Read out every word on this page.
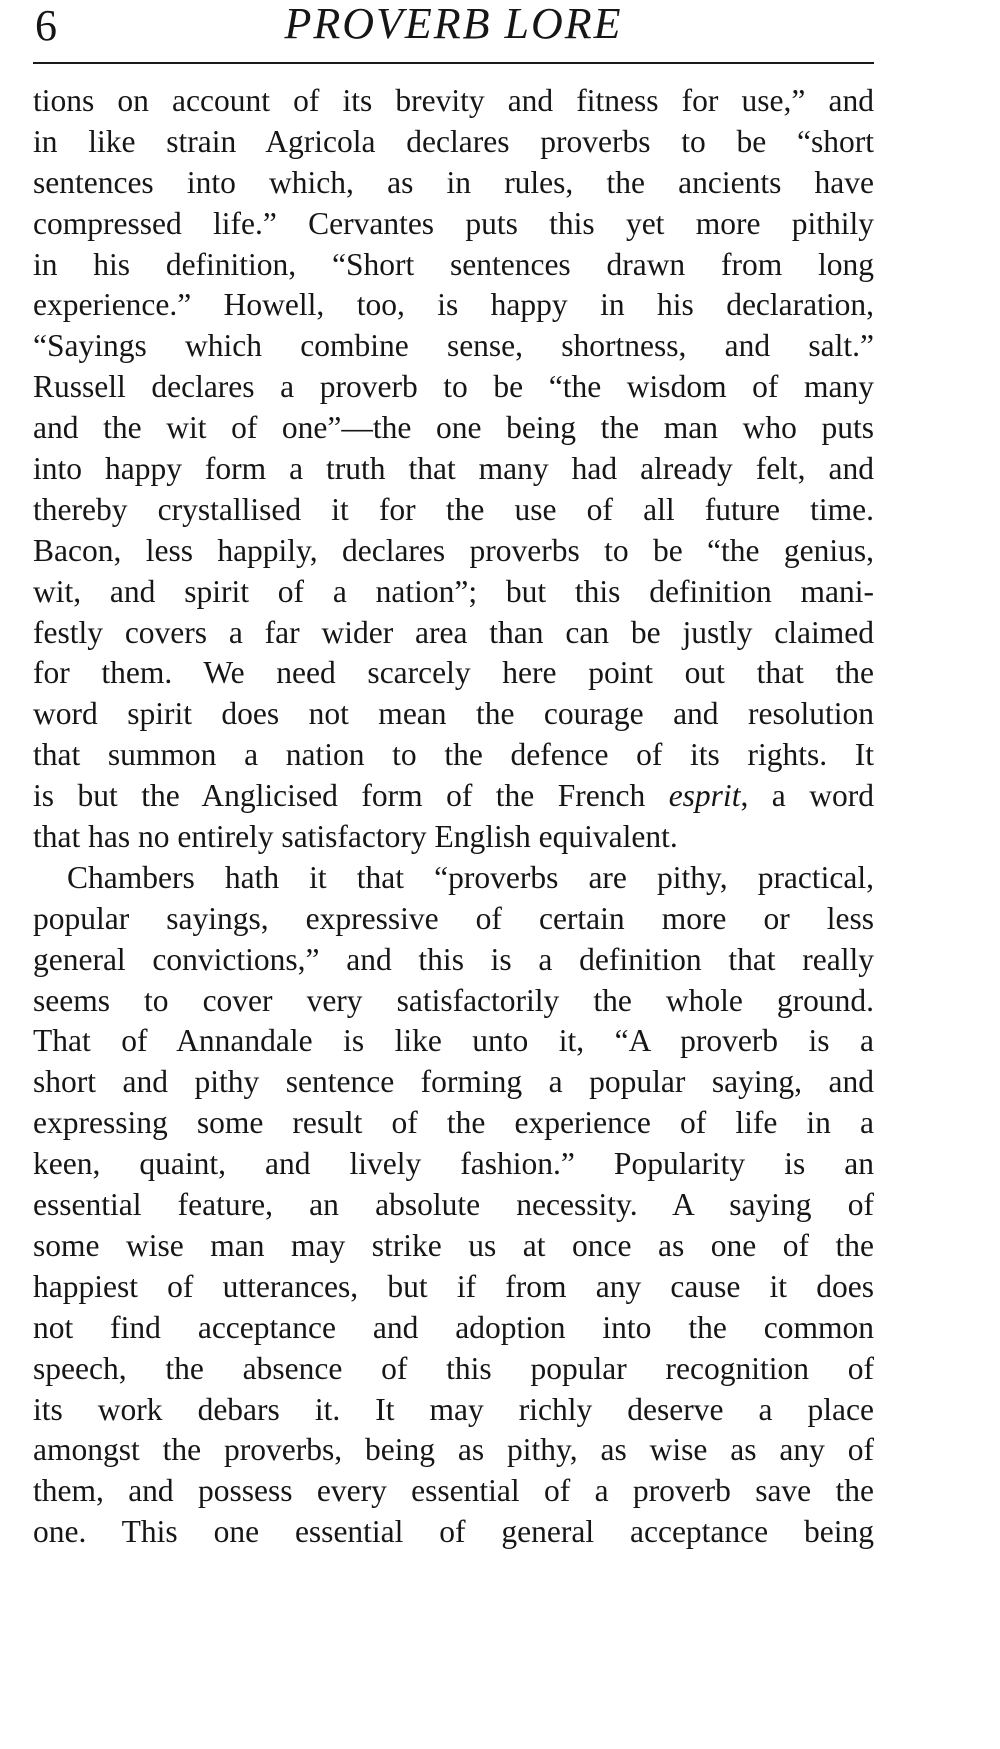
6	PROVERB LORE
tions on account of its brevity and fitness for use,” and
in like strain Agricola declares proverbs to be “short
sentences into which, as in rules, the ancients have
compressed life.” Cervantes puts this yet more pithily
in his definition, “Short sentences drawn from long
experience.” Howell, too, is happy in his declaration,
“Sayings which combine sense, shortness, and salt.”
Russell declares a proverb to be “the wisdom of many
and the wit of one”—the one being the man who puts
into happy form a truth that many had already felt, and
thereby crystallised it for the use of all future time.
Bacon, less happily, declares proverbs to be “the genius,
wit, and spirit of a nation”; but this definition mani-
festly covers a far wider area than can be justly claimed
for them. We need scarcely here point out that the
word spirit does not mean the courage and resolution
that summon a nation to the defence of its rights. It
is but the Anglicised form of the French esprit, a word
that has no entirely satisfactory English equivalent.
Chambers hath it that “proverbs are pithy, practical,
popular sayings, expressive of certain more or less
general convictions,” and this is a definition that really
seems to cover very satisfactorily the whole ground.
That of Annandale is like unto it, “A proverb is a
short and pithy sentence forming a popular saying, and
expressing some result of the experience of life in a
keen, quaint, and lively fashion.” Popularity is an
essential feature, an absolute necessity. A saying of
some wise man may strike us at once as one of the
happiest of utterances, but if from any cause it does
not find acceptance and adoption into the common
speech, the absence of this popular recognition of
its work debars it. It may richly deserve a place
amongst the proverbs, being as pithy, as wise as any of
them, and possess every essential of a proverb save the
one. This one essential of general acceptance being
